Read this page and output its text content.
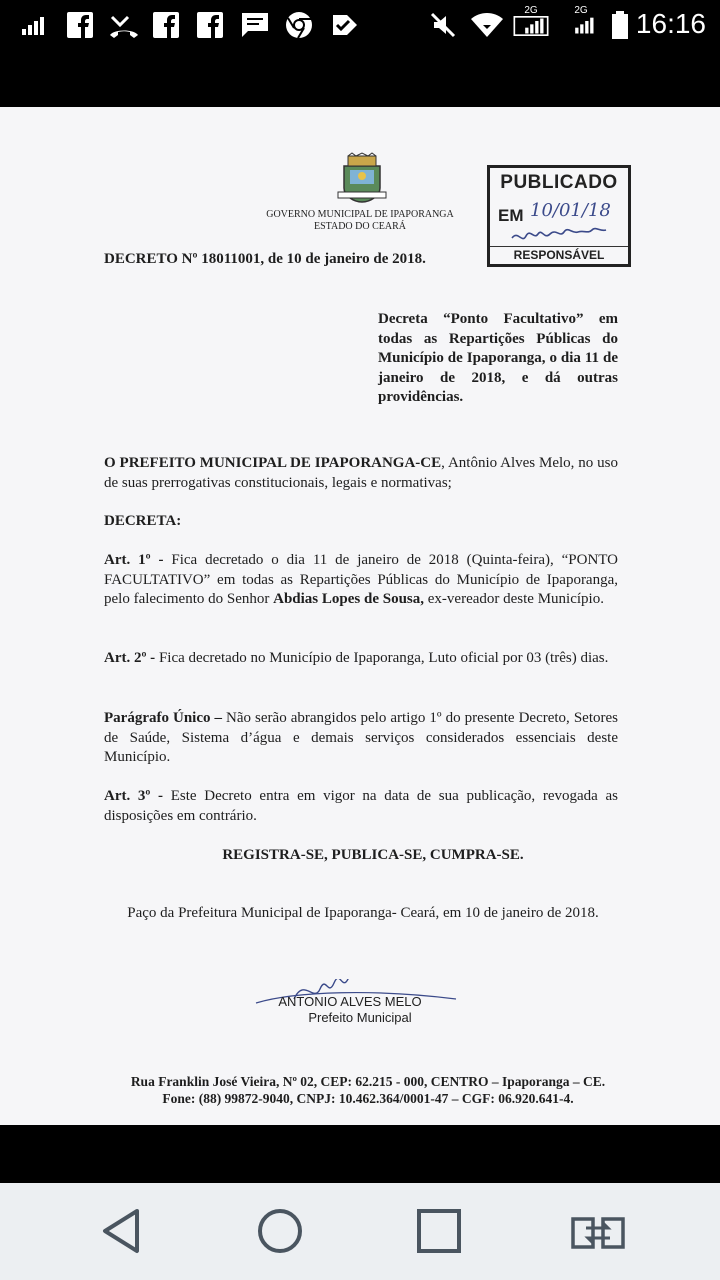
2G	2G 16:16
GOVERNO MUNICIPAL DE IPAPORANGA
ESTADO DO CEARÁ
PUBLICADO
EM 10/01/18
RESPONSÁVEL
DECRETO Nº 18011001, de 10 de janeiro de 2018.
Decreta “Ponto Facultativo” em todas as Repartições Públicas do Município de Ipaporanga, o dia 11 de janeiro de 2018, e dá outras providências.
O PREFEITO MUNICIPAL DE IPAPORANGA-CE, Antônio Alves Melo, no uso de suas prerrogativas constitucionais, legais e normativas;
DECRETA:
Art. 1º - Fica decretado o dia 11 de janeiro de 2018 (Quinta-feira), “PONTO FACULTATIVO” em todas as Repartições Públicas do Município de Ipaporanga, pelo falecimento do Senhor Abdias Lopes de Sousa, ex-vereador deste Município.
Art. 2º - Fica decretado no Município de Ipaporanga, Luto oficial por 03 (três) dias.
Parágrafo Único – Não serão abrangidos pelo artigo 1º do presente Decreto, Setores de Saúde, Sistema d’água e demais serviços considerados essenciais deste Município.
Art. 3º - Este Decreto entra em vigor na data de sua publicação, revogada as disposições em contrário.
REGISTRA-SE, PUBLICA-SE, CUMPRA-SE.
Paço da Prefeitura Municipal de Ipaporanga- Ceará, em 10 de janeiro de 2018.
ANTONIO ALVES MELO
Prefeito Municipal
Rua Franklin José Vieira, Nº 02, CEP: 62.215 - 000, CENTRO – Ipaporanga – CE.
Fone: (88) 99872-9040, CNPJ: 10.462.364/0001-47 – CGF: 06.920.641-4.
